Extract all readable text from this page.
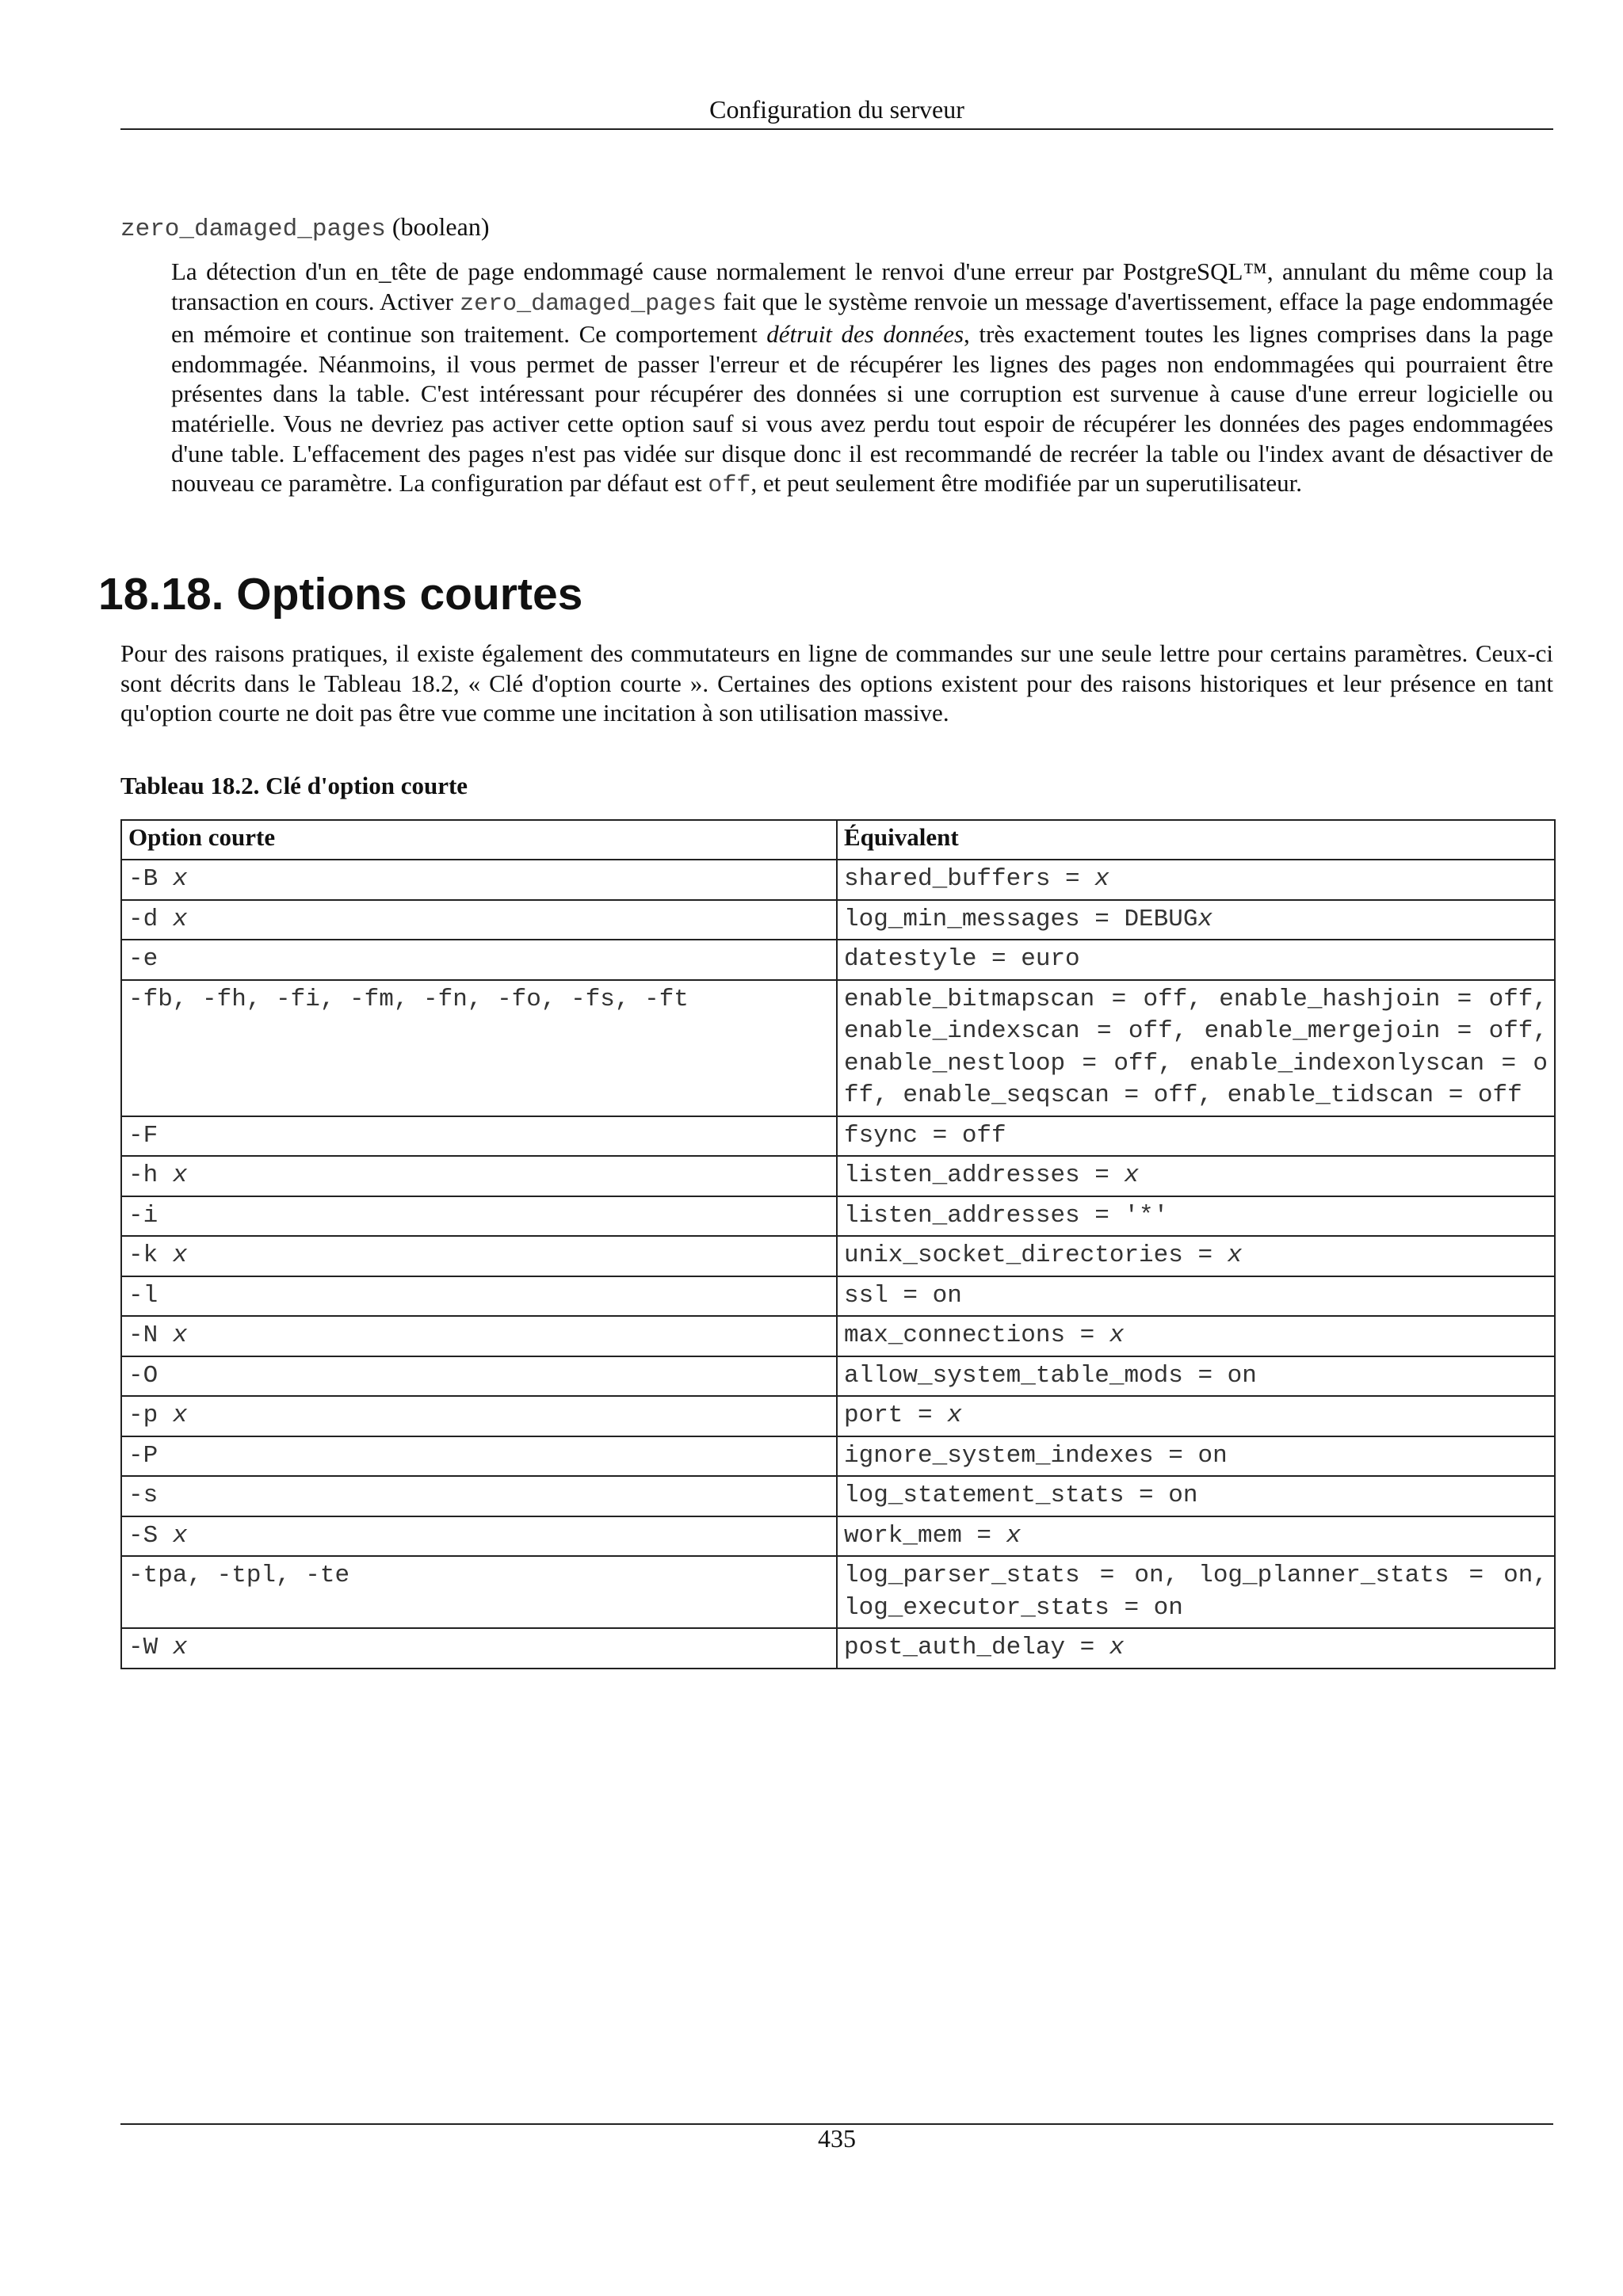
Configuration du serveur
zero_damaged_pages (boolean)

La détection d'un en_tête de page endommagé cause normalement le renvoi d'une erreur par PostgreSQL™, annulant du même coup la transaction en cours. Activer zero_damaged_pages fait que le système renvoie un message d'avertissement, efface la page endommagée en mémoire et continue son traitement. Ce comportement détruit des données, très exactement toutes les lignes comprises dans la page endommagée. Néanmoins, il vous permet de passer l'erreur et de récupérer les lignes des pages non endommagées qui pourraient être présentes dans la table. C'est intéressant pour récupérer des données si une corruption est survenue à cause d'une erreur logicielle ou matérielle. Vous ne devriez pas activer cette option sauf si vous avez perdu tout espoir de récupérer les données des pages endommagées d'une table. L'effacement des pages n'est pas vidée sur disque donc il est recommandé de recréer la table ou l'index avant de désactiver de nouveau ce paramètre. La configuration par défaut est off, et peut seulement être modifiée par un superutilisateur.

18.18. Options courtes

Pour des raisons pratiques, il existe également des commutateurs en ligne de commandes sur une seule lettre pour certains paramètres. Ceux-ci sont décrits dans le Tableau 18.2, « Clé d'option courte ». Certaines des options existent pour des raisons historiques et leur présence en tant qu'option courte ne doit pas être vue comme une incitation à son utilisation massive.

Tableau 18.2. Clé d'option courte
Option courte	Équivalent
-B x	shared_buffers = x
-d x	log_min_messages = DEBUGx
-e	datestyle = euro
-fb, -fh, -fi, -fm, -fn, -fo, -fs, -ft	enable_bitmapscan = off, enable_hashjoin = off, enable_indexscan = off, enable_mergejoin = off, enable_nestloop = off, enable_indexonlyscan = off, enable_seqscan = off, enable_tidscan = off
-F	fsync = off
-h x	listen_addresses = x
-i	listen_addresses = '*'
-k x	unix_socket_directories = x
-l	ssl = on
-N x	max_connections = x
-O	allow_system_table_mods = on
-p x	port = x
-P	ignore_system_indexes = on
-s	log_statement_stats = on
-S x	work_mem = x
-tpa, -tpl, -te	log_parser_stats = on, log_planner_stats = on, log_executor_stats = on
-W x	post_auth_delay = x
435
